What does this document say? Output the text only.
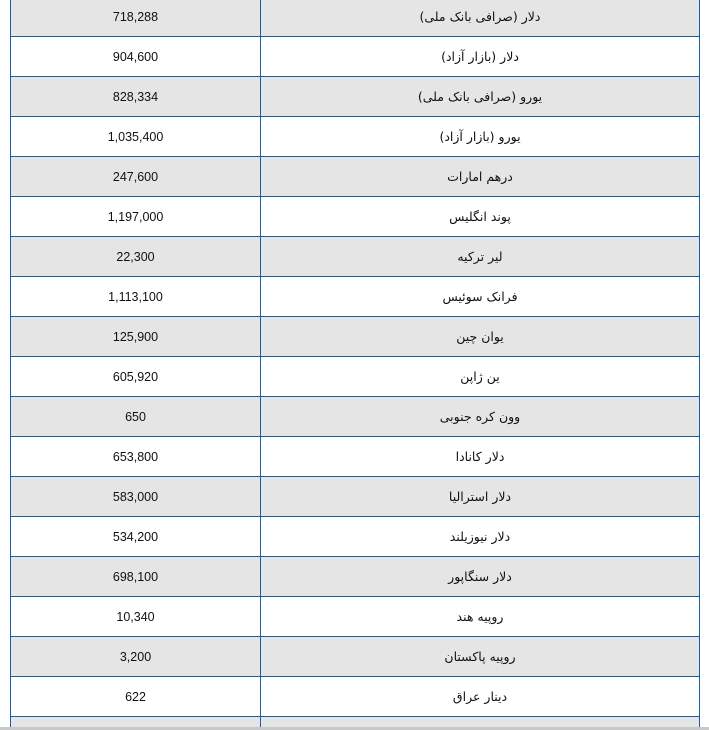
718,288	دلار (صرافی بانک ملی)
904,600	دلار (بازار آزاد)
828,334	یورو (صرافی بانک ملی)
1,035,400	یورو (بازار آزاد)
247,600	درهم امارات
1,197,000	پوند انگلیس
22,300	لیر ترکیه
1,113,100	فرانک سوئیس
125,900	یوان چین
605,920	ین ژاپن
650	وون کره جنوبی
653,800	دلار کانادا
583,000	دلار استرالیا
534,200	دلار نیوزیلند
698,100	دلار سنگاپور
10,340	روپیه هند
3,200	روپیه پاکستان
622	دینار عراق
